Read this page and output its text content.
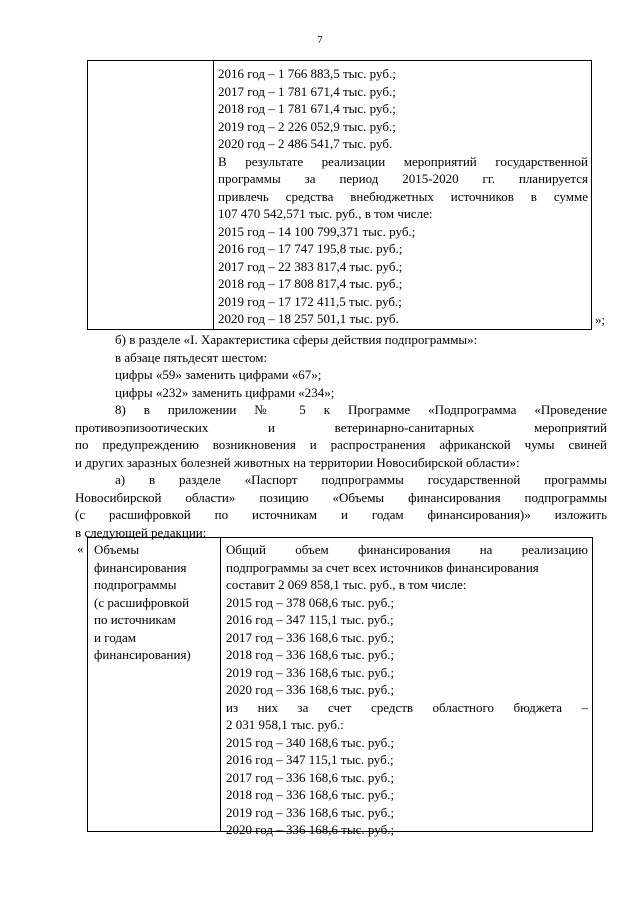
7
2016 год – 1 766 883,5 тыс. руб.;
2017 год – 1 781 671,4 тыс. руб.;
2018 год – 1 781 671,4 тыс. руб.;
2019 год – 2 226 052,9 тыс. руб.;
2020 год – 2 486 541,7 тыс. руб.
В результате реализации мероприятий государственной
программы за период 2015-2020 гг. планируется
привлечь средства внебюджетных источников в сумме
107 470 542,571 тыс. руб., в том числе:
2015 год – 14 100 799,371 тыс. руб.;
2016 год – 17 747 195,8 тыс. руб.;
2017 год – 22 383 817,4 тыс. руб.;
2018 год – 17 808 817,4 тыс. руб.;
2019 год – 17 172 411,5 тыс. руб.;
2020 год – 18 257 501,1 тыс. руб.	»;
б) в разделе «I. Характеристика сферы действия подпрограммы»:
в абзаце пятьдесят шестом:
цифры «59» заменить цифрами «67»;
цифры «232» заменить цифрами «234»;
8) в приложении № 5 к Программе «Подпрограмма «Проведение
противоэпизоотических и ветеринарно-санитарных мероприятий
по предупреждению возникновения и распространения африканской чумы свиней
и других заразных болезней животных на территории Новосибирской области»:
а) в разделе «Паспорт подпрограммы государственной программы
Новосибирской области» позицию «Объемы финансирования подпрограммы
(с расшифровкой по источникам и годам финансирования)» изложить
в следующей редакции:
« Объемы
финансирования
подпрограммы
(с расшифровкой
по источникам
и годам
финансирования)
Общий объем финансирования на реализацию
подпрограммы за счет всех источников финансирования
составит 2 069 858,1 тыс. руб., в том числе:
2015 год – 378 068,6 тыс. руб.;
2016 год – 347 115,1 тыс. руб.;
2017 год – 336 168,6 тыс. руб.;
2018 год – 336 168,6 тыс. руб.;
2019 год – 336 168,6 тыс. руб.;
2020 год – 336 168,6 тыс. руб.;
из них за счет средств областного бюджета –
2 031 958,1 тыс. руб.:
2015 год – 340 168,6 тыс. руб.;
2016 год – 347 115,1 тыс. руб.;
2017 год – 336 168,6 тыс. руб.;
2018 год – 336 168,6 тыс. руб.;
2019 год – 336 168,6 тыс. руб.;
2020 год – 336 168,6 тыс. руб.;
